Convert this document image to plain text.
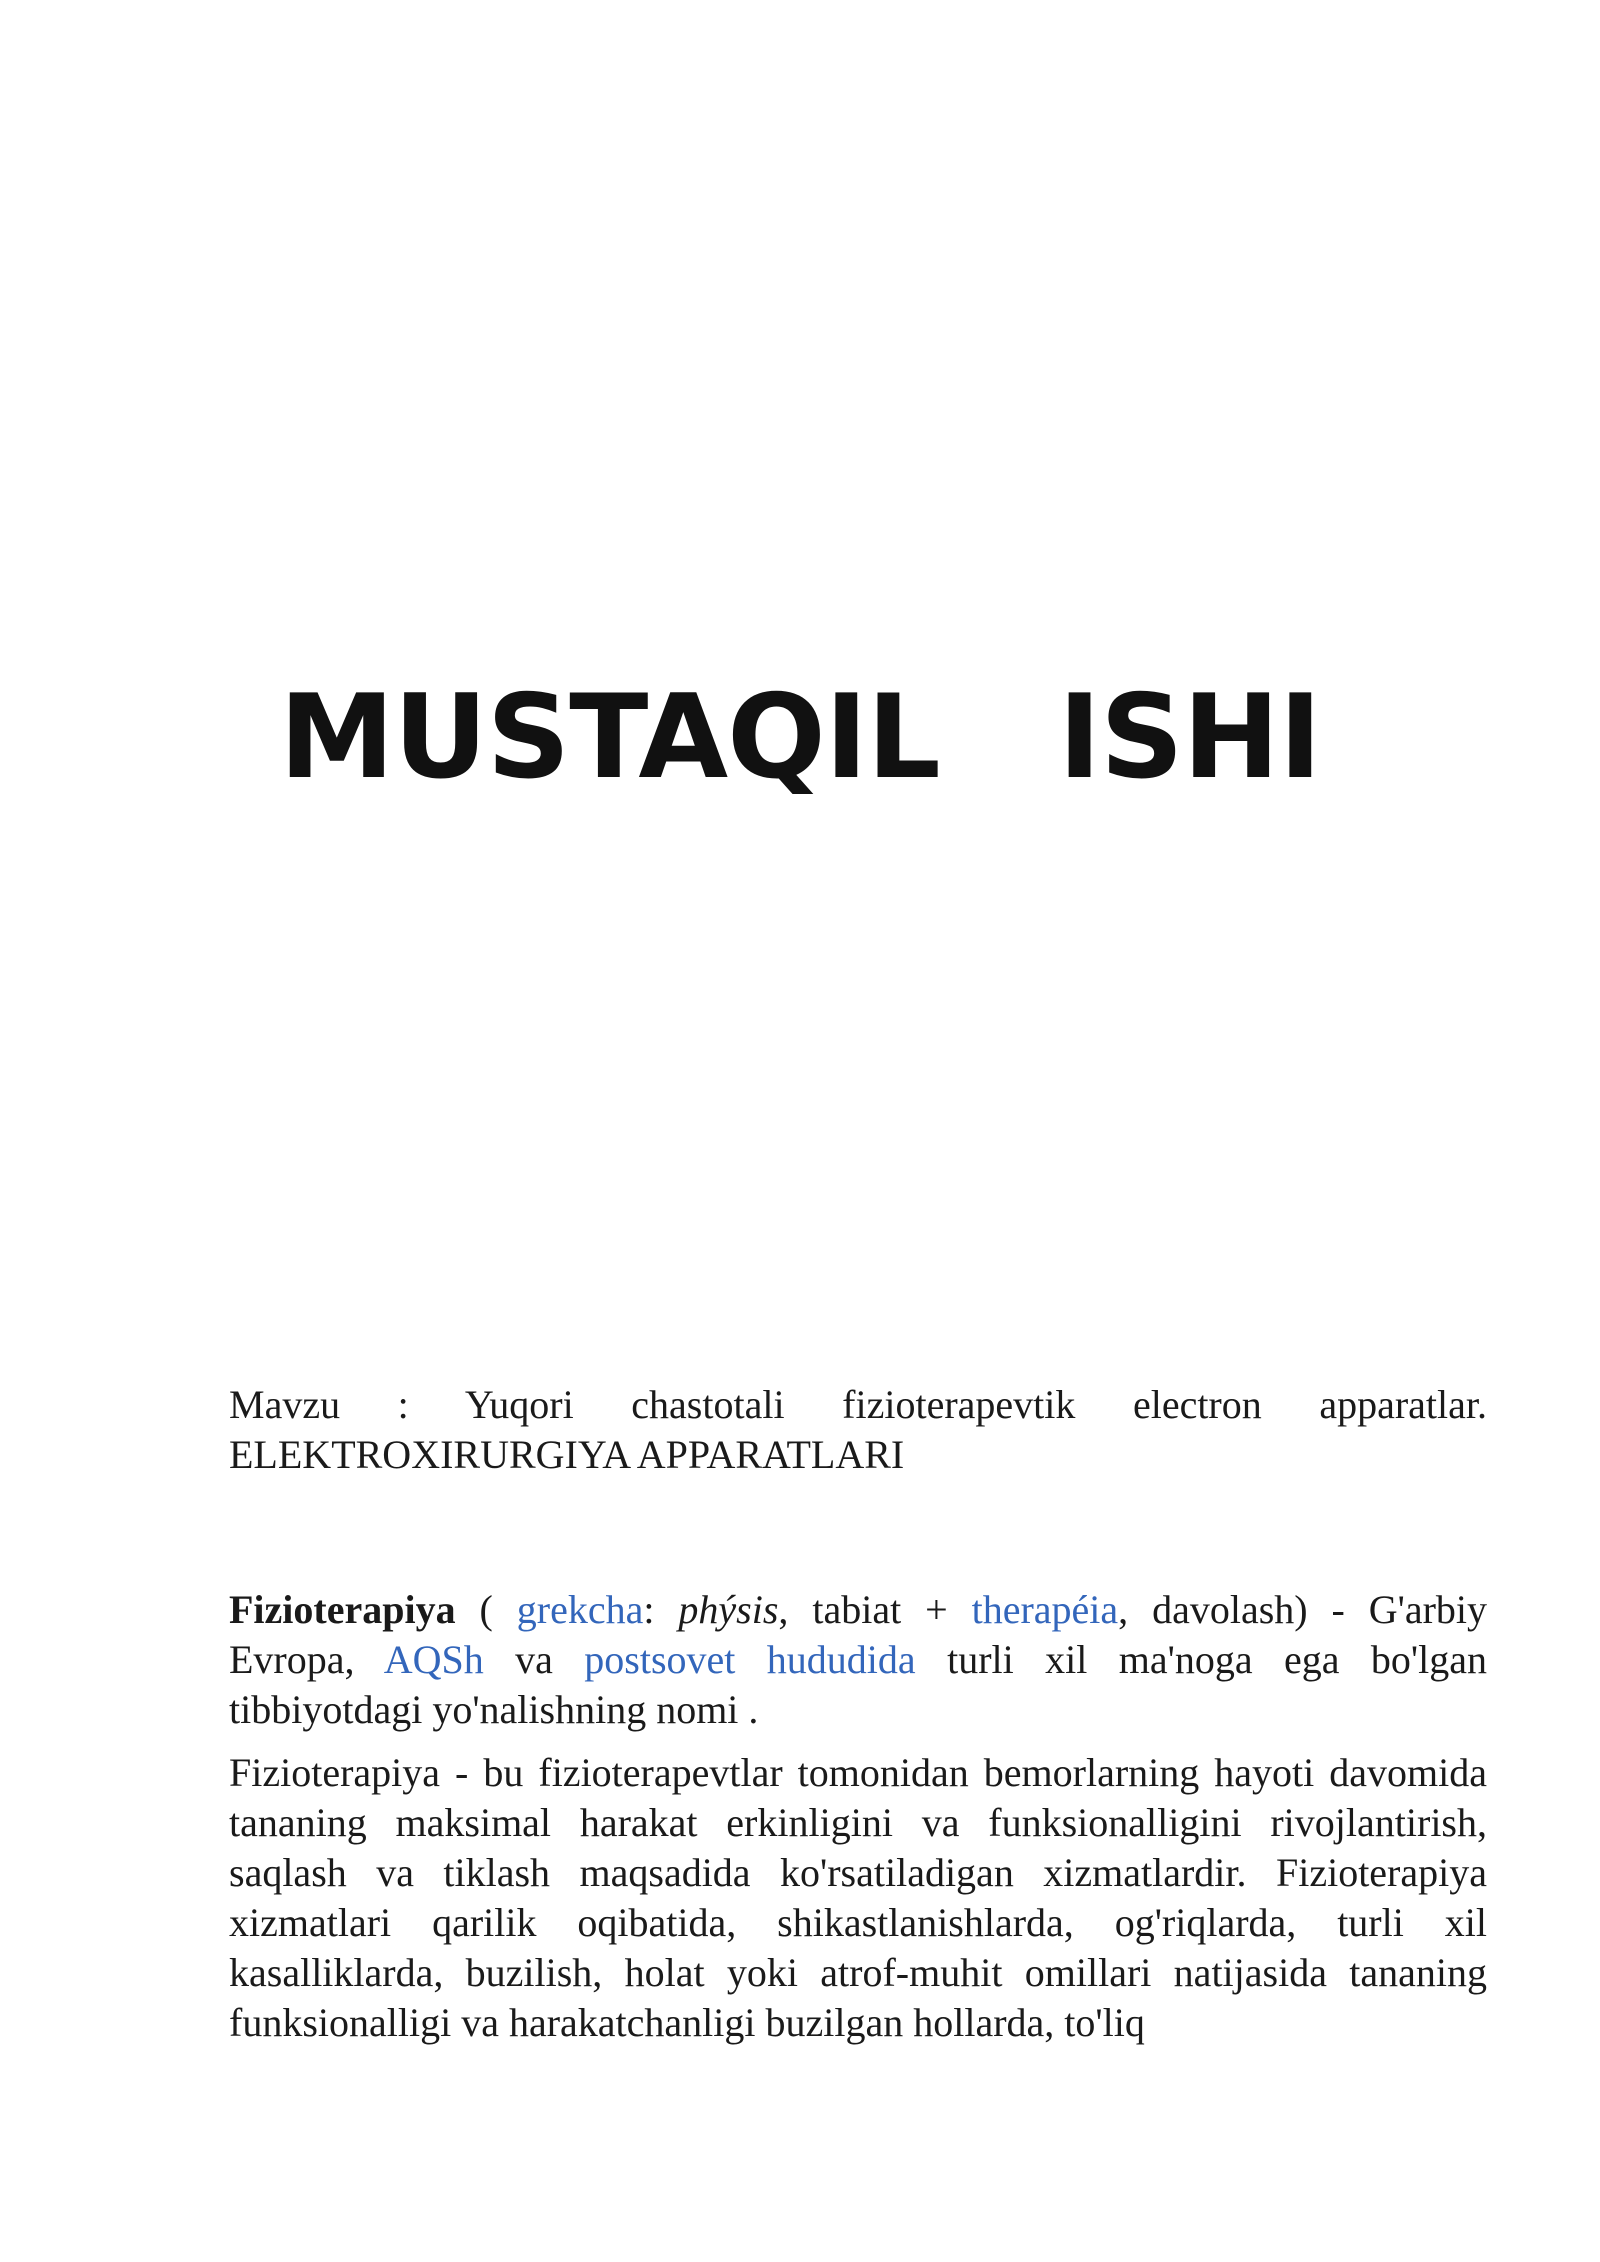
MUSTAQIL   ISHI
Mavzu : Yuqori chastotali fizioterapevtik electron apparatlar.
ELEKTROXIRURGIYA APPARATLARI

Fizioterapiya ( grekcha: phýsis, tabiat + therapéia, davolash) - G'arbiy Evropa, AQSh va postsovet hududida turli xil ma'noga ega bo'lgan tibbiyotdagi yo'nalishning nomi .

Fizioterapiya - bu fizioterapevtlar tomonidan bemorlarning hayoti davomida tananing maksimal harakat erkinligini va funksionalligini rivojlantirish, saqlash va tiklash maqsadida ko'rsatiladigan xizmatlardir. Fizioterapiya xizmatlari qarilik oqibatida, shikastlanishlarda, og'riqlarda, turli xil kasalliklarda, buzilish, holat yoki atrof-muhit omillari natijasida tananing funksionalligi va harakatchanligi buzilgan hollarda, to'liq
